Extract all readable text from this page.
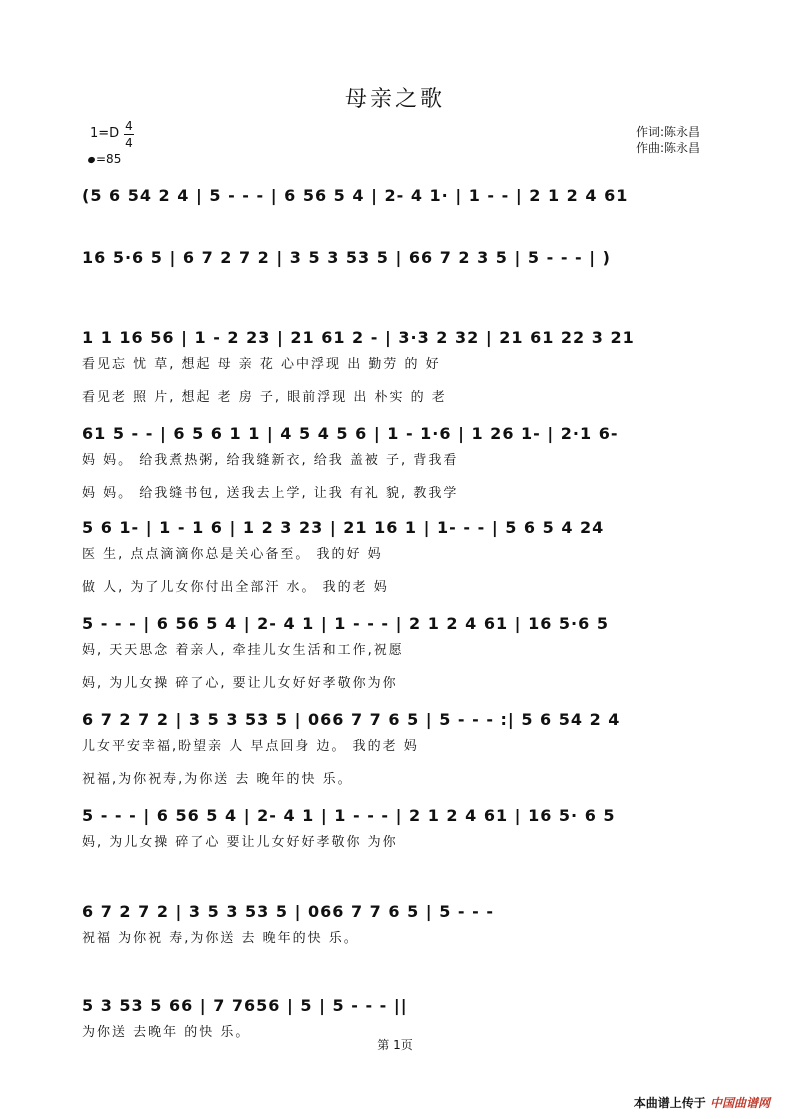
母亲之歌
1=D 4
4
=85
作词:陈永昌
作曲:陈永昌
(5 6 54 2 4 | 5 - - - | 6 56 5 4 | 2- 4 1· | 1 - - | 2 1 2 4 61
16 5·6 5 | 6 7 2 7 2 | 3 5 3 53 5 | 66 7 2 3 5 | 5 - - - | )
1 1 16 56 | 1 - 2 23 | 21 61 2 - | 3·3 2 32 | 21 61 22 3 21
看见忘 忧 草, 想起 母 亲 花 心中浮现 出 勤劳 的 好
看见老 照 片, 想起 老 房 子, 眼前浮现 出 朴实 的 老
61 5 - - | 6 5 6 1 1 | 4 5 4 5 6 | 1 - 1·6 | 1 26 1- | 2·1 6-
妈 妈。 给我煮热粥, 给我缝新衣, 给我 盖被 子, 背我看
妈 妈。 给我缝书包, 送我去上学, 让我 有礼 貌, 教我学
5 6 1- | 1 - 1 6 | 1 2 3 23 | 21 16 1 | 1- - - | 5 6 5 4 24
医 生, 点点滴滴你总是关心备至。 我的好 妈
做 人, 为了儿女你付出全部汗 水。 我的老 妈
5 - - - | 6 56 5 4 | 2- 4 1 | 1 - - - | 2 1 2 4 61 | 16 5·6 5
妈, 天天思念 着亲人, 牵挂儿女生活和工作,祝愿
妈, 为儿女操 碎了心, 要让儿女好好孝敬你为你
6 7 2 7 2 | 3 5 3 53 5 | 066 7 7 6 5 | 5 - - - :| 5 6 54 2 4
儿女平安幸福,盼望亲 人 早点回身 边。 我的老 妈
祝福,为你祝寿,为你送 去 晚年的快 乐。
5 - - - | 6 56 5 4 | 2- 4 1 | 1 - - - | 2 1 2 4 61 | 16 5· 6 5
妈, 为儿女操 碎了心 要让儿女好好孝敬你 为你
6 7 2 7 2 | 3 5 3 53 5 | 066 7 7 6 5 | 5 - - -
祝福 为你祝 寿,为你送 去 晚年的快 乐。
5 3 53 5 66 | 7 7656 | 5 | 5 - - - ||
为你送 去晚年 的快 乐。
第 1页
本曲谱上传于 中国曲谱网
